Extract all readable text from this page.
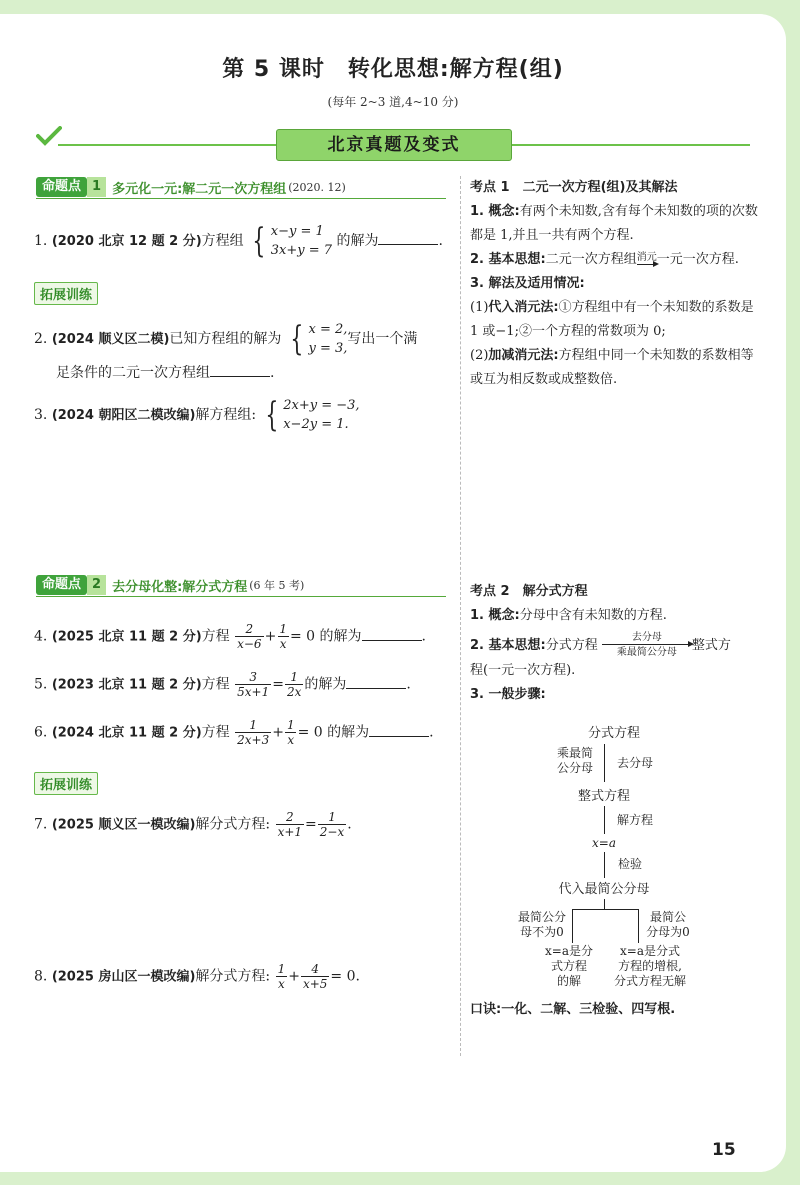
第 5 课时　转化思想:解方程(组)
(每年 2~3 道,4~10 分)
北京真题及变式
命题点 1 多元化一元:解二元一次方程组 (2020. 12)
1. (2020 北京 12 题 2 分)方程组 { x−y = 1
3x+y = 7
的解为	.
拓展训练
2. (2024 顺义区二模)已知方程组的解为 { x = 2,
y = 3,
写出一个满
足条件的二元一次方程组	.
3. (2024 朝阳区二模改编)解方程组: { 2x+y = −3,
x−2y = 1.
命题点 2 去分母化整:解分式方程 (6 年 5 考)
4. (2025 北京 11 题 2 分)方程 $\frac{2}{x-6} + \frac{1}{x} = 0$ 的解为	.
5. (2023 北京 11 题 2 分)方程 $\frac{3}{5x+1} = \frac{1}{2x}$ 的解为	.
6. (2024 北京 11 题 2 分)方程 $\frac{1}{2x+3} + \frac{1}{x} = 0$ 的解为	.
拓展训练
7. (2025 顺义区一模改编)解分式方程: $\frac{2}{x+1} = \frac{1}{2-x}$ .
8. (2025 房山区一模改编)解分式方程: $\frac{1}{x} + \frac{4}{x+5} = 0$.
考点 1　二元一次方程(组)及其解法
1. 概念:有两个未知数,含有每个未知数的项的次数都是 1,并且一共有两个方程.
2. 基本思想:二元一次方程组 消元 一元一次方程.
3. 解法及适用情况:
(1)代入消元法:①方程组中有一个未知数的系数是 1 或−1;②一个方程的常数项为 0;
(2)加减消元法:方程组中同一个未知数的系数相等或互为相反数或成整数倍.
考点 2　解分式方程
1. 概念:分母中含有未知数的方程.
2. 基本思想:分式方程
去分母
乘最简公分母 整式方
程(一元一次方程).
3. 一般步骤:
分式方程
乘最简
公分母	去分母
整式方程
解方程
x=a
检验
代入最简公分母
最简公分
母不为0
最简公
分母为0
x=a是分
式方程
的解
x=a是分式
方程的增根,
分式方程无解
口诀:一化、二解、三检验、四写根.
15
